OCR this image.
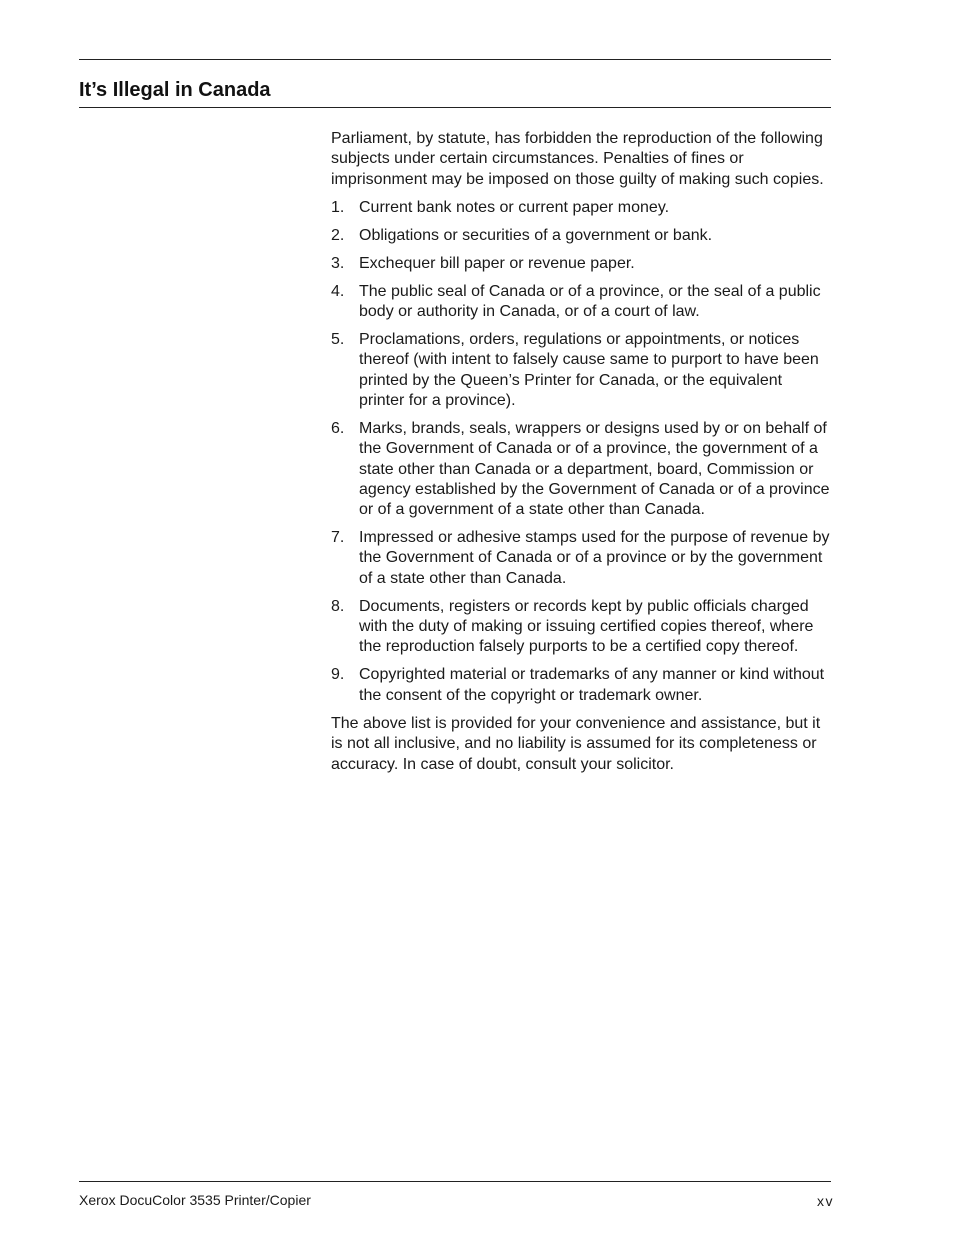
It’s Illegal in Canada

Parliament, by statute, has forbidden the reproduction of the following subjects under certain circumstances. Penalties of fines or imprisonment may be imposed on those guilty of making such copies.

1. Current bank notes or current paper money.
2. Obligations or securities of a government or bank.
3. Exchequer bill paper or revenue paper.
4. The public seal of Canada or of a province, or the seal of a public body or authority in Canada, or of a court of law.
5. Proclamations, orders, regulations or appointments, or notices thereof (with intent to falsely cause same to purport to have been printed by the Queen’s Printer for Canada, or the equivalent printer for a province).
6. Marks, brands, seals, wrappers or designs used by or on behalf of the Government of Canada or of a province, the government of a state other than Canada or a department, board, Commission or agency established by the Government of Canada or of a province or of a government of a state other than Canada.
7. Impressed or adhesive stamps used for the purpose of revenue by the Government of Canada or of a province or by the government of a state other than Canada.
8. Documents, registers or records kept by public officials charged with the duty of making or issuing certified copies thereof, where the reproduction falsely purports to be a certified copy thereof.
9. Copyrighted material or trademarks of any manner or kind without the consent of the copyright or trademark owner.

The above list is provided for your convenience and assistance, but it is not all inclusive, and no liability is assumed for its completeness or accuracy. In case of doubt, consult your solicitor.

Xerox DocuColor 3535 Printer/Copier	xv
